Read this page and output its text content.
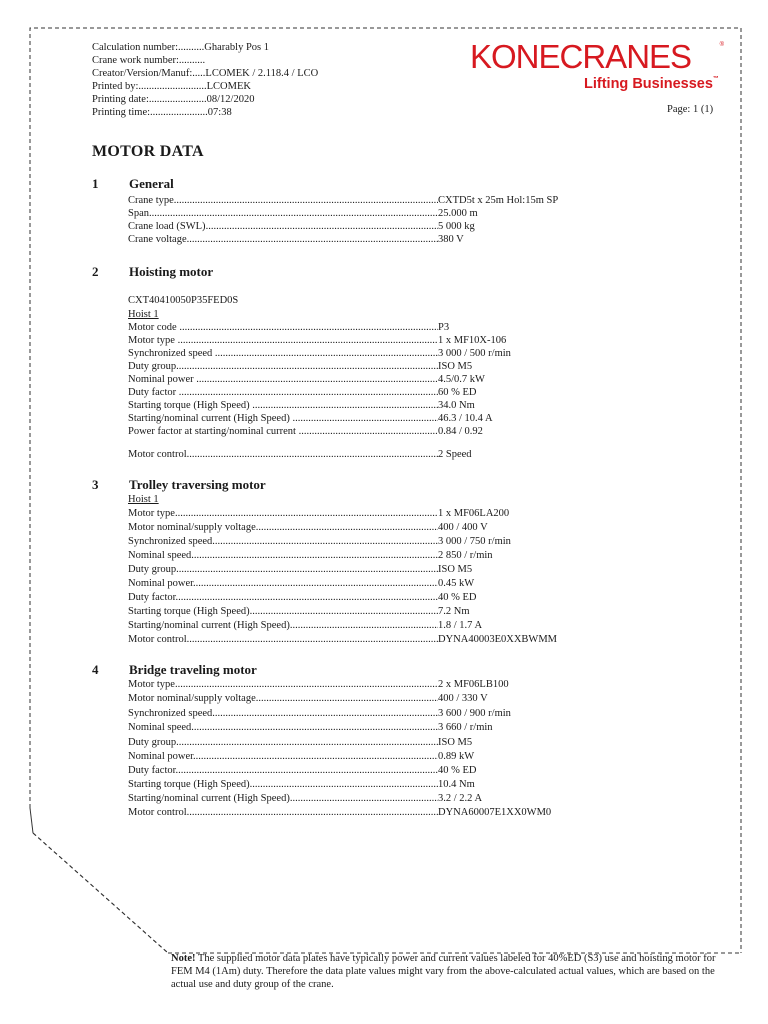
Calculation number:..........Gharably Pos 1
Crane work number:..........
Creator/Version/Manuf:.....LCOMEK / 2.118.4 / LCO
Printed by:..........................LCOMEK
Printing date:......................08/12/2020
Printing time:......................07:38	Page: 1 (1)
KONECRANES	®
Lifting Businesses™
MOTOR DATA
1 General
Crane type .....	CXTD5t x 25m Hol:15m SP
Span .....	25.000 m
Crane load (SWL) .....	5 000 kg
Crane voltage .....	380 V
2 Hoisting motor
CXT40410050P35FED0S
Hoist 1
Motor code .....	P3
Motor type .....	1 x MF10X-106
Synchronized speed .....	3 000 / 500 r/min
Duty group .....	ISO M5
Nominal power .....	4.5/0.7 kW
Duty factor .....	60 % ED
Starting torque (High Speed) .....	34.0 Nm
Starting/nominal current (High Speed) .....	46.3 / 10.4 A
Power factor at starting/nominal current .....	0.84 / 0.92
Motor control .....	2 Speed
3 Trolley traversing motor
Hoist 1
Motor type .....	1 x MF06LA200
Motor nominal/supply voltage .....	400 / 400 V
Synchronized speed .....	3 000 / 750 r/min
Nominal speed .....	2 850 / r/min
Duty group .....	ISO M5
Nominal power .....	0.45 kW
Duty factor .....	40 % ED
Starting torque (High Speed) .....	7.2 Nm
Starting/nominal current (High Speed) .....	1.8 / 1.7 A
Motor control .....	DYNA40003E0XXBWMM
4 Bridge traveling motor
Motor type .....	2 x MF06LB100
Motor nominal/supply voltage .....	400 / 330 V
Synchronized speed .....	3 600 / 900 r/min
Nominal speed .....	3 660 / r/min
Duty group .....	ISO M5
Nominal power .....	0.89 kW
Duty factor .....	40 % ED
Starting torque (High Speed) .....	10.4 Nm
Starting/nominal current (High Speed) .....	3.2 / 2.2 A
Motor control .....	DYNA60007E1XX0WM0
Note! The supplied motor data plates have typically power and current values labeled for 40%ED (S3) use and hoisting motor for FEM M4 (1Am) duty. Therefore the data plate values might vary from the above-calculated actual values, which are based on the actual use and duty group of the crane.
